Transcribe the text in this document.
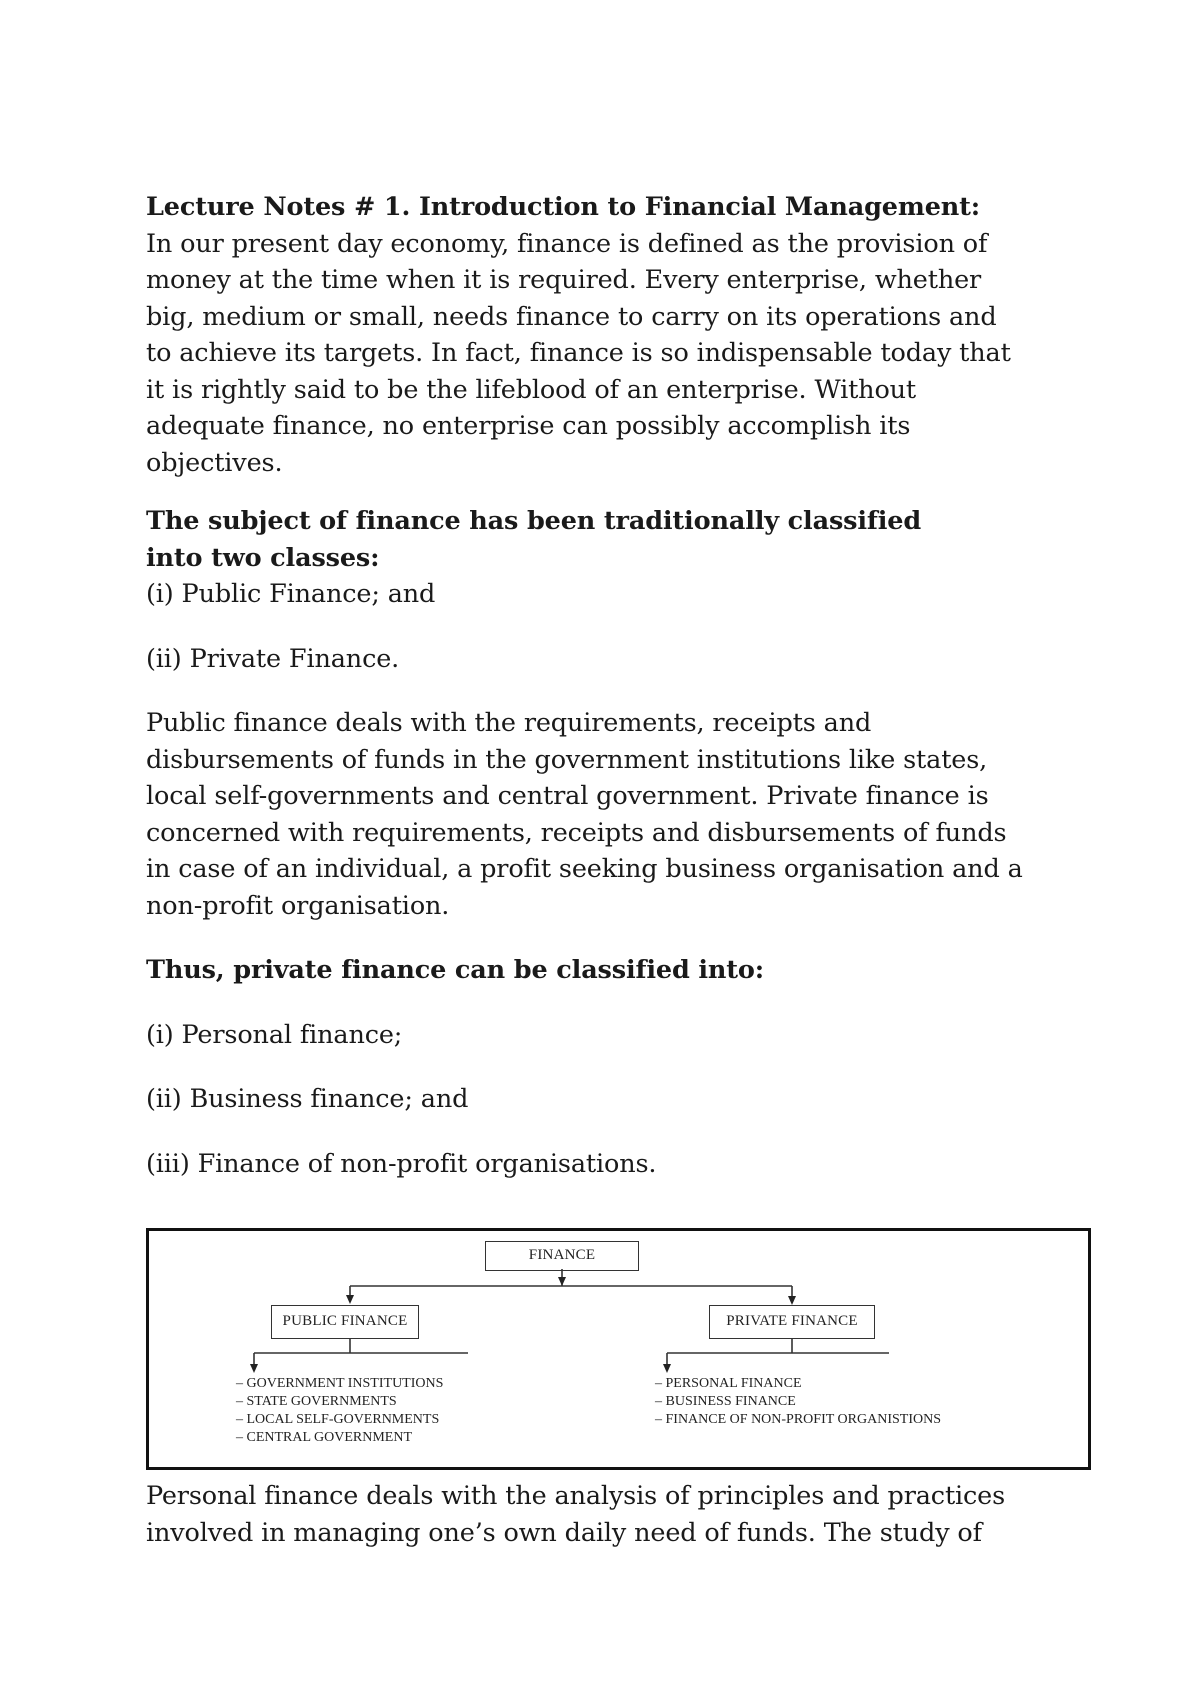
Lecture Notes # 1. Introduction to Financial Management:
In our present day economy, finance is defined as the provision of
money at the time when it is required. Every enterprise, whether
big, medium or small, needs finance to carry on its operations and
to achieve its targets. In fact, finance is so indispensable today that
it is rightly said to be the lifeblood of an enterprise. Without
adequate finance, no enterprise can possibly accomplish its
objectives.
The subject of finance has been traditionally classified
into two classes:
(i) Public Finance; and
(ii) Private Finance.
Public finance deals with the requirements, receipts and
disbursements of funds in the government institutions like states,
local self-governments and central government. Private finance is
concerned with requirements, receipts and disbursements of funds
in case of an individual, a profit seeking business organisation and a
non-profit organisation.
Thus, private finance can be classified into:
(i) Personal finance;
(ii) Business finance; and
(iii) Finance of non-profit organisations.
FINANCE
PUBLIC FINANCE	PRIVATE FINANCE
– GOVERNMENT INSTITUTIONS
– STATE GOVERNMENTS
– LOCAL SELF-GOVERNMENTS
– CENTRAL GOVERNMENT
– PERSONAL FINANCE
– BUSINESS FINANCE
– FINANCE OF NON-PROFIT ORGANISTIONS
Personal finance deals with the analysis of principles and practices
involved in managing one’s own daily need of funds. The study of
